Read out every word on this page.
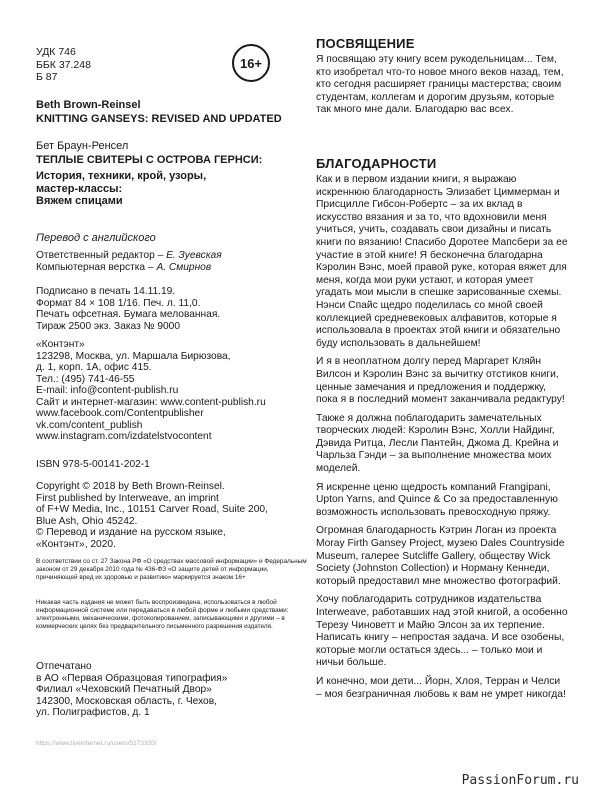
УДК 746
ББК 37.248
Б 87
16+
Beth Brown-Reinsel
KNITTING GANSEYS: REVISED AND UPDATED
Бет Браун-Ренсел
ТЕПЛЫЕ СВИТЕРЫ С ОСТРОВА ГЕРНСИ:
История, техники, крой, узоры,
мастер-классы:
Вяжем спицами
Перевод с английского
Ответственный редактор – Е. Зуевская
Компьютерная верстка – А. Смирнов
Подписано в печать 14.11.19.
Формат 84 × 108 1/16. Печ. л. 11,0.
Печать офсетная. Бумага мелованная.
Тираж 2500 экз. Заказ № 9000
«Контэнт»
123298, Москва, ул. Маршала Бирюзова,
д. 1, корп. 1А, офис 415.
Тел.: (495) 741-46-55
E-mail: info@content-publish.ru
Сайт и интернет-магазин: www.content-publish.ru
www.facebook.com/Contentpublisher
vk.com/content_publish
www.instagram.com/izdatelstvocontent
ISBN 978-5-00141-202-1
Copyright © 2018 by Beth Brown-Reinsel.
First published by Interweave, an imprint
of F+W Media, Inc., 10151 Carver Road, Suite 200,
Blue Ash, Ohio 45242.
© Перевод и издание на русском языке,
«Контэнт», 2020.
В соответствии со ст. 27 Закона РФ «О средствах массовой информации» и Федеральным законом от 29 декабря 2010 года № 436-ФЗ «О защите детей от информации, причиняющей вред их здоровью и развитию» маркируется знаком 16+
Никакая часть издания не может быть воспроизведена, использоваться в любой информационной системе или передаваться в любой форме и любыми средствами: электронными, механическими, фотокопированием, записывающими и другими – в коммерческих целях без предварительного письменного разрешения издателя.
Отпечатано
в АО «Первая Образцовая типография»
Филиал «Чеховский Печатный Двор»
142300, Московская область, г. Чехов,
ул. Полиграфистов, д. 1
https://www.liveinternet.ru/users/5173320/
ПОСВЯЩЕНИЕ
Я посвящаю эту книгу всем рукодельницам... Тем, кто изобретал что-то новое много веков назад, тем, кто сегодня расширяет границы мастерства; своим студентам, коллегам и дорогим друзьям, которые так много мне дали. Благодарю вас всех.
БЛАГОДАРНОСТИ

Как и в первом издании книги, я выражаю искреннюю благодарность Элизабет Циммерман и Присцилле Гибсон-Робертс – за их вклад в искусство вязания и за то, что вдохновили меня учиться, учить, создавать свои дизайны и писать книги по вязанию! Спасибо Доротее Мапсбери за ее участие в этой книге! Я бесконечна благодарна Кэролин Вэнс, моей правой руке, которая вяжет для меня, когда мои руки устают, и которая умеет угадать мои мысли в спешке зарисованные схемы. Нэнси Спайс щедро поделилась со мной своей коллекцией средневековых алфавитов, которые я использовала в проектах этой книги и обязательно буду использовать в дальнейшем!

И я в неоплатном долгу перед Маргарет Кляйн Вилсон и Кэролин Вэнс за вычитку отстиков книги, ценные замечания и предложения и поддержку, пока я в последний момент заканчивала редактуру!

Также я должна поблагодарить замечательных творческих людей: Кэролин Вэнс, Холли Найдинг, Дэвида Ритца, Лесли Пантейн, Джома Д. Крейна и Чарльза Гэнди – за выполнение множества моих моделей.

Я искренне ценю щедрость компаний Frangipani, Upton Yarns, and Quince & Co за предоставленную возможность использовать превосходную пряжу.

Огромная благодарность Кэтрин Логан из проекта Moray Firth Gansey Project, музею Dales Countryside Museum, галерее Sutcliffe Gallery, обществу Wick Society (Johnston Collection) и Норману Кеннеди, который предоставил мне множество фотографий.

Хочу поблагодарить сотрудников издательства Interweave, работавших над этой книгой, а особенно Терезу Чиноветт и Майю Элсон за их терпение. Написать книгу – непростая задача. И все озобены, которые могли остаться здесь... – только мои и ничьи больше.

И конечно, мои дети... Йорн, Хлоя, Терран и Челси – моя безграничная любовь к вам не умрет никогда!

PassionForum.ru
